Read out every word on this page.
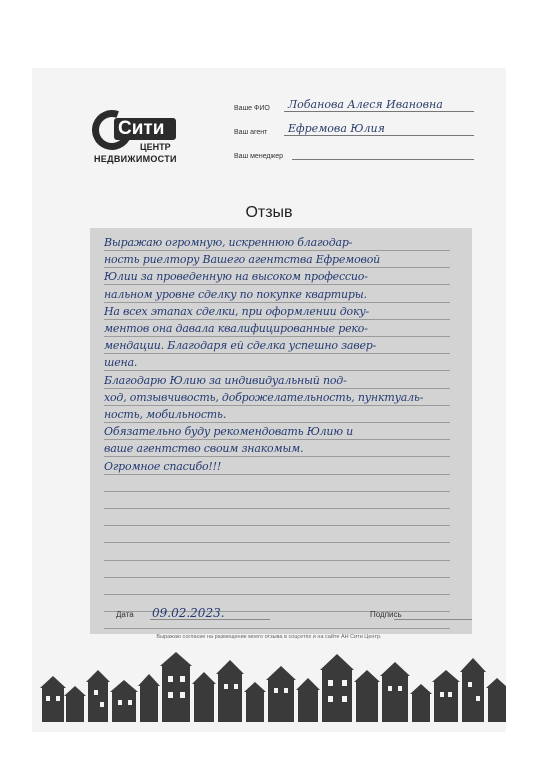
Сити
ЦЕНТР
НЕДВИЖИМОСТИ
Ваше ФИО Лобанова Алеся Ивановна
Ваш агент Ефремова Юлия
Ваш менеджер
Отзыв
Выражаю огромную, искреннюю благодар-
ность риелтору Вашего агентства Ефремовой
Юлии за проведенную на высоком профессио-
нальном уровне сделку по покупке квартиры.
На всех этапах сделки, при оформлении доку-
ментов она давала квалифицированные реко-
мендации. Благодаря ей сделка успешно завер-
шена.
Благодарю Юлию за индивидуальный под-
ход, отзывчивость, доброжелательность, пунктуаль-
ность, мобильность.
Обязательно буду рекомендовать Юлию и
ваше агентство своим знакомым.
Огромное спасибо!!!
Дата 09.02.2023.	Подпись
Выражаю согласие на размещение моего отзыва в соцсетях и на сайте АН Сити Центр.
